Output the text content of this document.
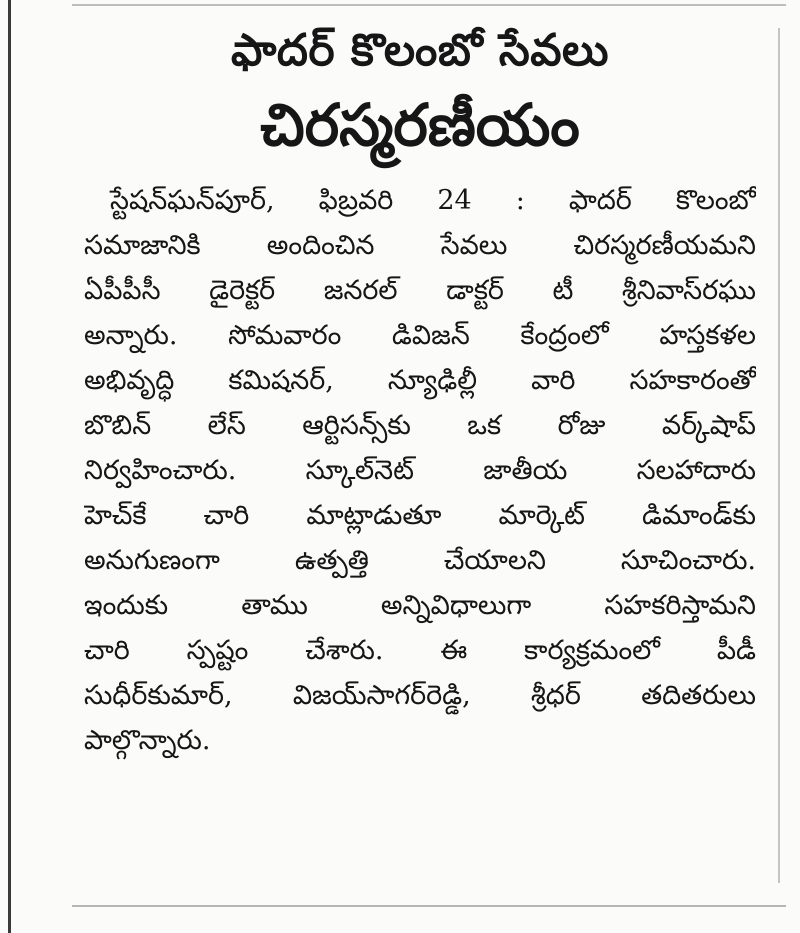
ఫాదర్ కొలంబో సేవలు
చిరస్మరణీయం
స్టేషన్‌ఘన్‌పూర్, ఫిబ్రవరి 24 : ఫాదర్ కొలంబో
సమాజానికి అందించిన సేవలు చిరస్మరణీయమని
ఏపీపీసీ డైరెక్టర్ జనరల్ డాక్టర్ టీ శ్రీనివాస్‌రఘు
అన్నారు. సోమవారం డివిజన్ కేంద్రంలో హస్తకళల
అభివృద్ధి కమిషనర్, న్యూఢిల్లీ వారి సహకారంతో
బొబిన్ లేస్ ఆర్టిసన్స్‌కు ఒక రోజు వర్క్‌షాప్
నిర్వహించారు. స్కూల్‌నెట్ జాతీయ సలహాదారు
హెచ్‌కే చారి మాట్లాడుతూ మార్కెట్ డిమాండ్‌కు
అనుగుణంగా ఉత్పత్తి చేయాలని సూచించారు.
ఇందుకు తాము అన్నివిధాలుగా సహకరిస్తామని
చారి స్పష్టం చేశారు. ఈ కార్యక్రమంలో పీడీ
సుధీర్‌కుమార్, విజయ్‌సాగర్‌రెడ్డి, శ్రీధర్ తదితరులు
పాల్గొన్నారు.
